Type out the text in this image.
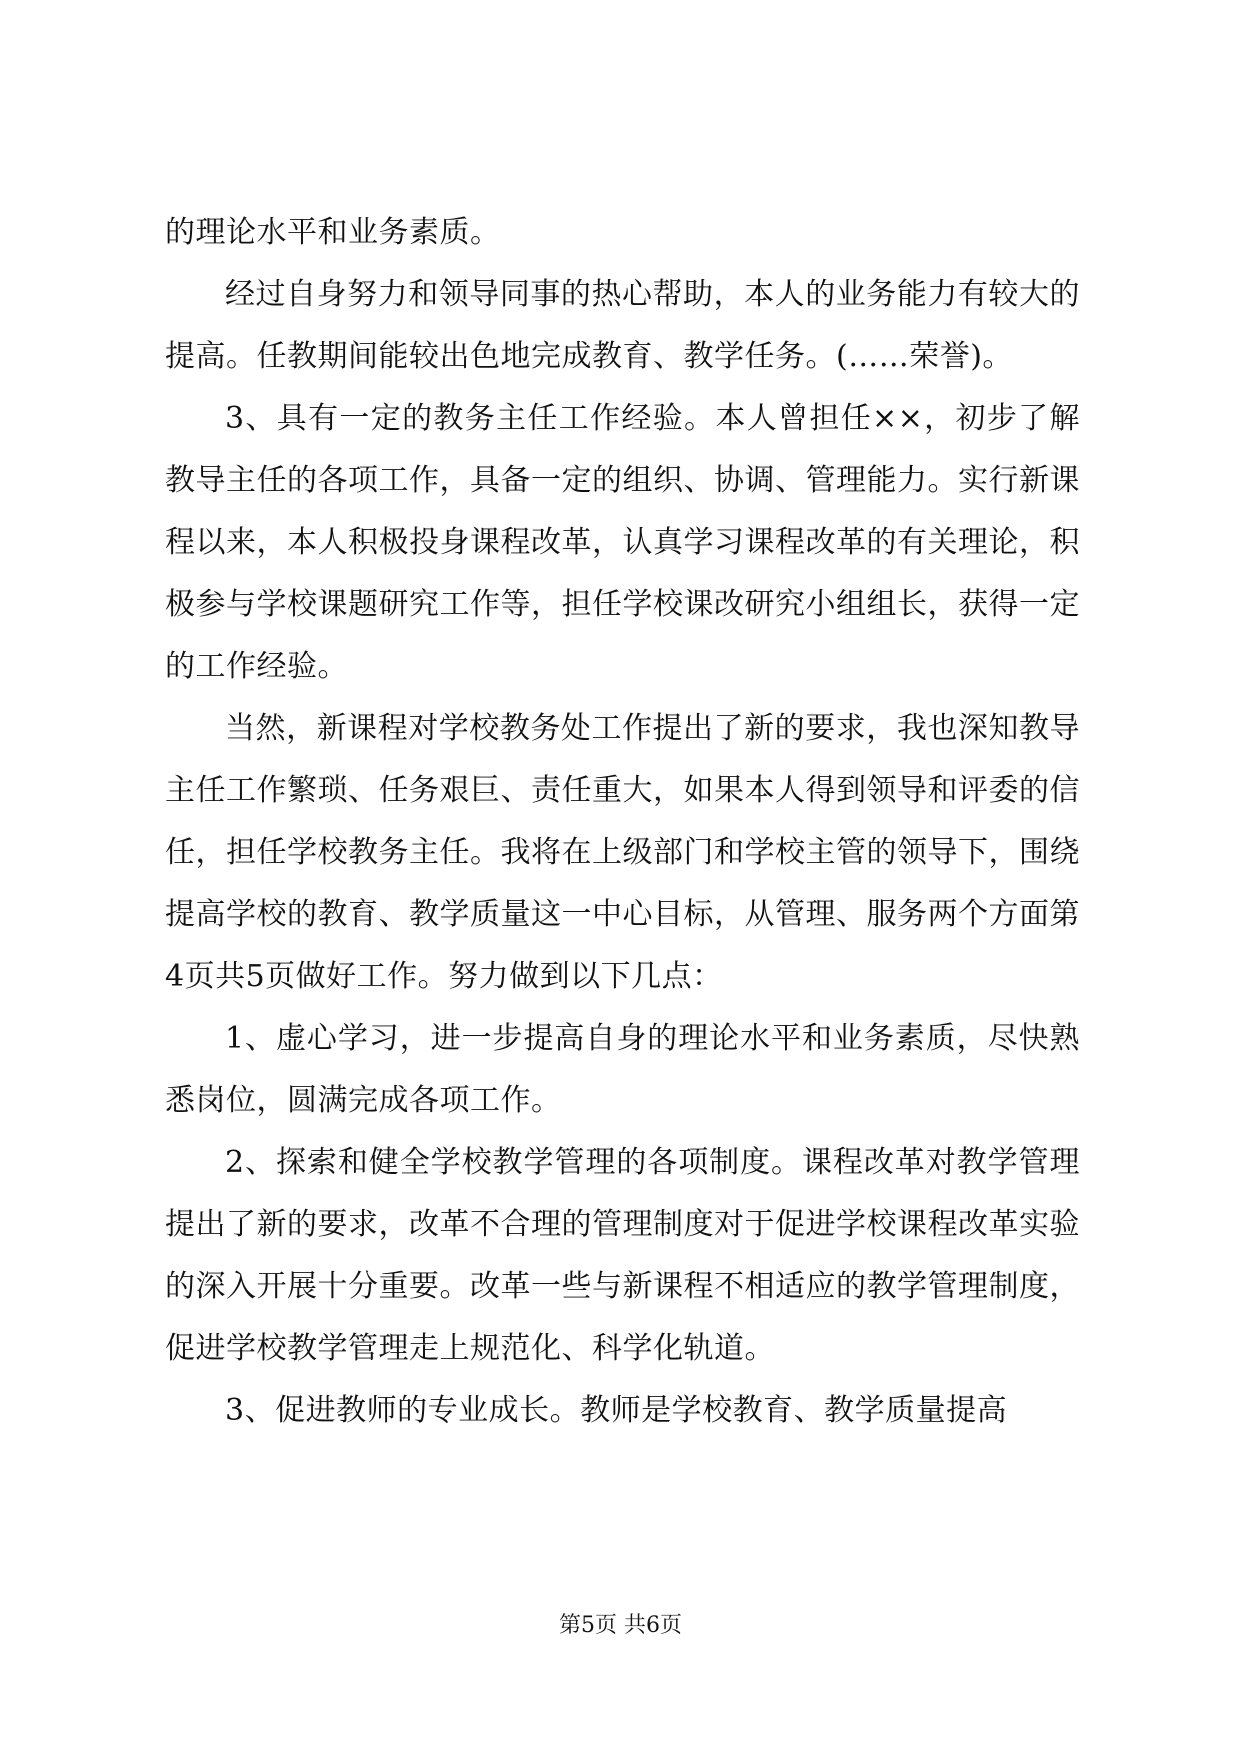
的理论水平和业务素质。

经过自身努力和领导同事的热心帮助，本人的业务能力有较大的提高。任教期间能较出色地完成教育、教学任务。(……荣誉)。

3、具有一定的教务主任工作经验。本人曾担任××，初步了解教导主任的各项工作，具备一定的组织、协调、管理能力。实行新课程以来，本人积极投身课程改革，认真学习课程改革的有关理论，积极参与学校课题研究工作等，担任学校课改研究小组组长，获得一定的工作经验。

当然，新课程对学校教务处工作提出了新的要求，我也深知教导主任工作繁琐、任务艰巨、责任重大，如果本人得到领导和评委的信任，担任学校教务主任。我将在上级部门和学校主管的领导下，围绕提高学校的教育、教学质量这一中心目标，从管理、服务两个方面第4页共5页做好工作。努力做到以下几点：

1、虚心学习，进一步提高自身的理论水平和业务素质，尽快熟悉岗位，圆满完成各项工作。

2、探索和健全学校教学管理的各项制度。课程改革对教学管理提出了新的要求，改革不合理的管理制度对于促进学校课程改革实验的深入开展十分重要。改革一些与新课程不相适应的教学管理制度，促进学校教学管理走上规范化、科学化轨道。

3、促进教师的专业成长。教师是学校教育、教学质量提高

第5页 共6页
